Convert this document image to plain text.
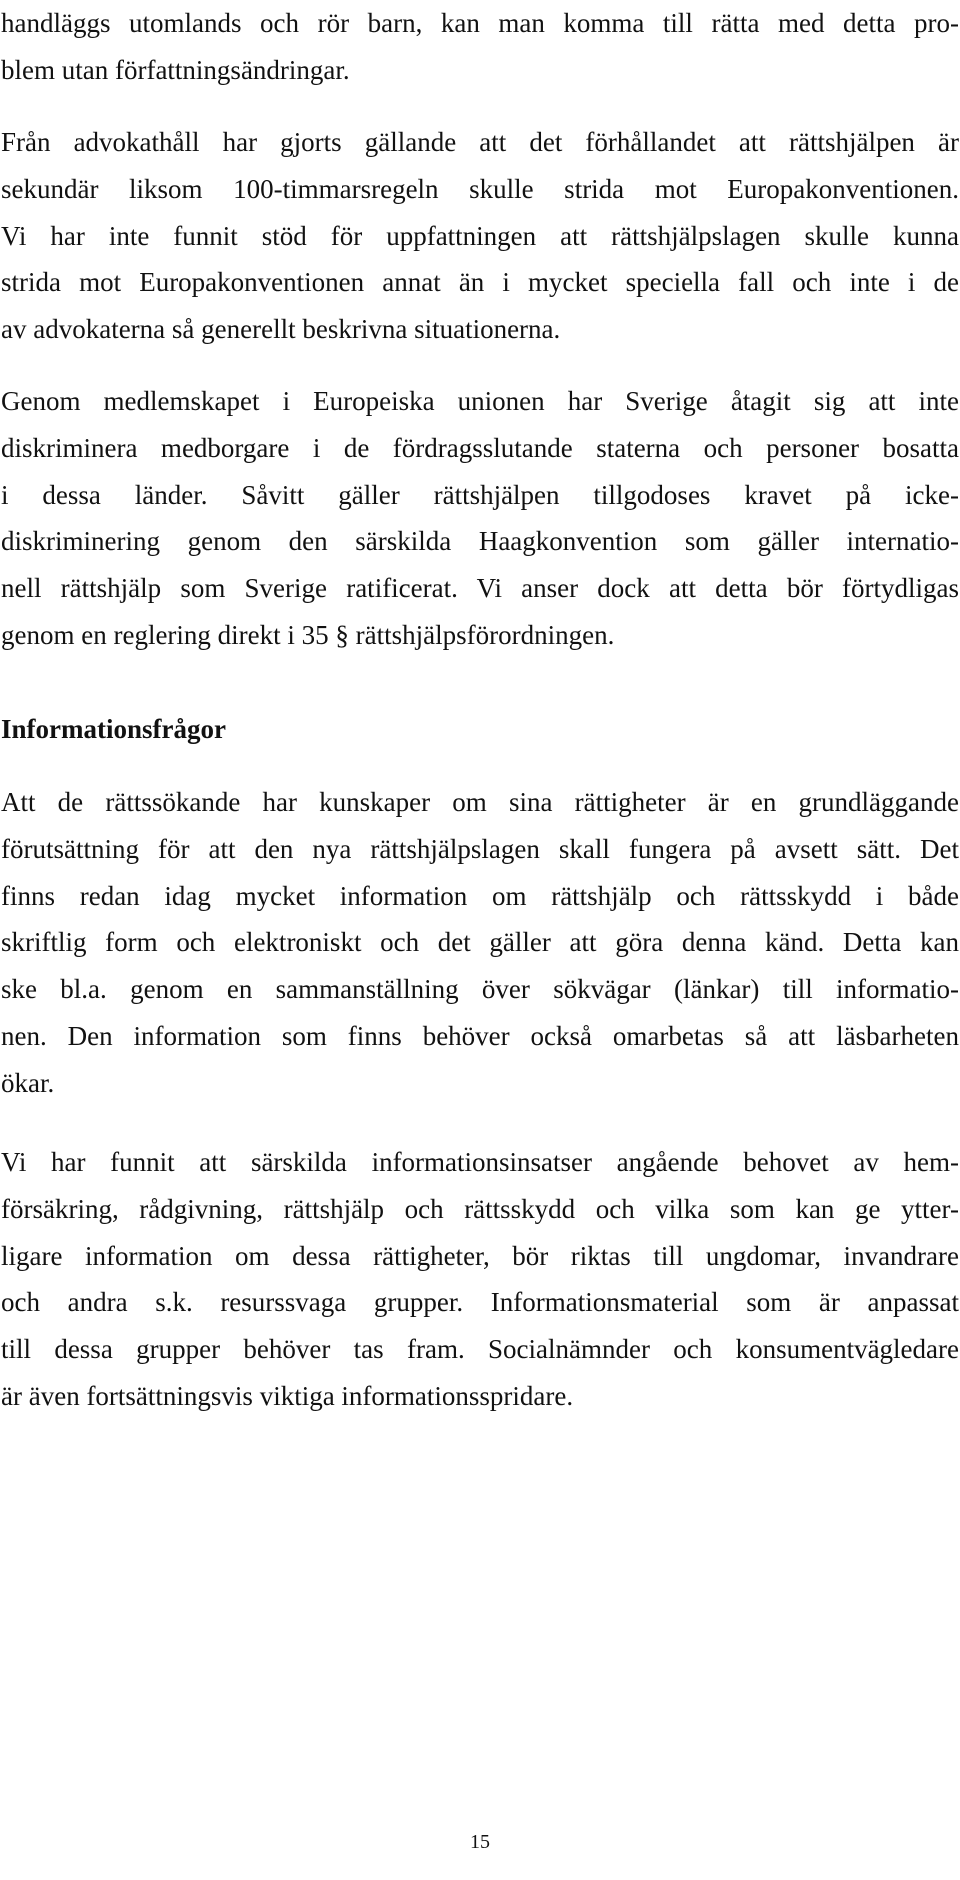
handläggs utomlands och rör barn, kan man komma till rätta med detta pro-
blem utan författningsändringar.
Från advokathåll har gjorts gällande att det förhållandet att rättshjälpen är
sekundär liksom 100-timmarsregeln skulle strida mot Europakonventionen.
Vi har inte funnit stöd för uppfattningen att rättshjälpslagen skulle kunna
strida mot Europakonventionen annat än i mycket speciella fall och inte i de
av advokaterna så generellt beskrivna situationerna.
Genom medlemskapet i Europeiska unionen har Sverige åtagit sig att inte
diskriminera medborgare i de fördragsslutande staterna och personer bosatta
i dessa länder. Såvitt gäller rättshjälpen tillgodoses kravet på icke-
diskriminering genom den särskilda Haagkonvention som gäller internatio-
nell rättshjälp som Sverige ratificerat. Vi anser dock att detta bör förtydligas
genom en reglering direkt i 35 § rättshjälpsförordningen.
Informationsfrågor
Att de rättssökande har kunskaper om sina rättigheter är en grundläggande
förutsättning för att den nya rättshjälpslagen skall fungera på avsett sätt. Det
finns redan idag mycket information om rättshjälp och rättsskydd i både
skriftlig form och elektroniskt och det gäller att göra denna känd. Detta kan
ske bl.a. genom en sammanställning över sökvägar (länkar) till informatio-
nen. Den information som finns behöver också omarbetas så att läsbarheten
ökar.
Vi har funnit att särskilda informationsinsatser angående behovet av hem-
försäkring, rådgivning, rättshjälp och rättsskydd och vilka som kan ge ytter-
ligare information om dessa rättigheter, bör riktas till ungdomar, invandrare
och andra s.k. resurssvaga grupper. Informationsmaterial som är anpassat
till dessa grupper behöver tas fram. Socialnämnder och konsumentvägledare
är även fortsättningsvis viktiga informationsspridare.
15
